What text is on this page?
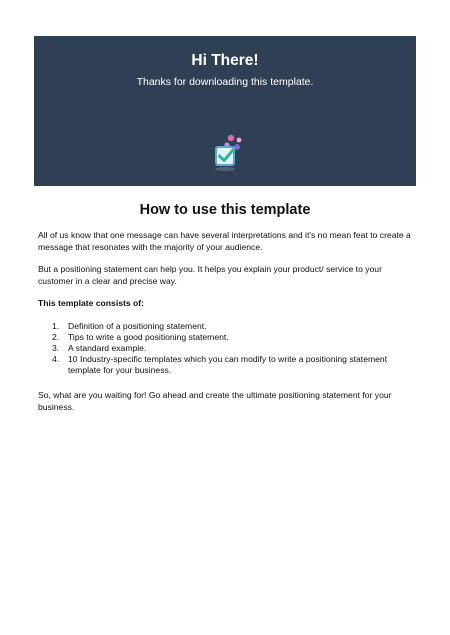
Hi There!
Thanks for downloading this template.
You Can Edit Version To Fit Your Needs.
How to use this template
All of us know that one message can have several interpretations and it's no mean feat to create a message that resonates with the majority of your audience.
But a positioning statement can help you. It helps you explain your product/ service to your customer in a clear and precise way.
This template consists of:
1. Definition of a positioning statement.
2. Tips to write a good positioning statement.
3. A standard example.
4. 10 Industry-specific templates which you can modify to write a positioning statement template for your business.
So, what are you waiting for! Go ahead and create the ultimate positioning statement for your business.
